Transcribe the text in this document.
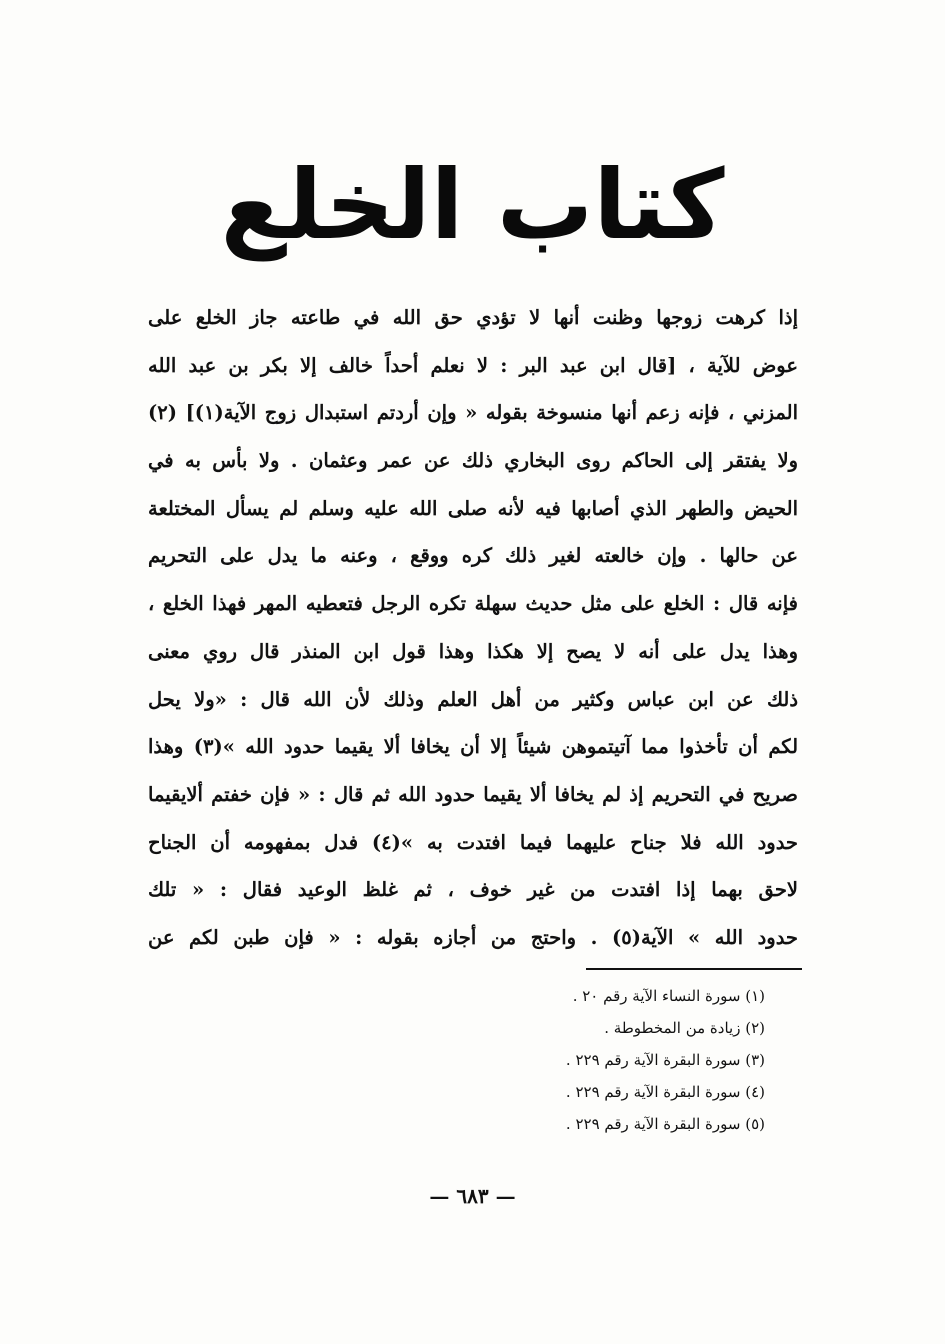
كتاب الخلع
إذا كرهت زوجها وظنت أنها لا تؤدي حق الله في طاعته جاز الخلع على
عوض للآية ، [قال ابن عبد البر : لا نعلم أحداً خالف إلا بكر بن عبد الله
المزني ، فإنه زعم أنها منسوخة بقوله « وإن أردتم استبدال زوج الآية(١)] (٢)
ولا يفتقر إلى الحاكم روى البخاري ذلك عن عمر وعثمان . ولا بأس به في
الحيض والطهر الذي أصابها فيه لأنه صلى الله عليه وسلم لم يسأل المختلعة
عن حالها . وإن خالعته لغير ذلك كره ووقع ، وعنه ما يدل على التحريم
فإنه قال : الخلع على مثل حديث سهلة تكره الرجل فتعطيه المهر فهذا الخلع ،
وهذا يدل على أنه لا يصح إلا هكذا وهذا قول ابن المنذر قال روي معنى
ذلك عن ابن عباس وكثير من أهل العلم وذلك لأن الله قال : «ولا يحل
لكم أن تأخذوا مما آتيتموهن شيئاً إلا أن يخافا ألا يقيما حدود الله »(٣) وهذا
صريح في التحريم إذ لم يخافا ألا يقيما حدود الله ثم قال : « فإن خفتم ألايقيما
حدود الله فلا جناح عليهما فيما افتدت به »(٤) فدل بمفهومه أن الجناح
لاحق بهما إذا افتدت من غير خوف ، ثم غلظ الوعيد فقال : « تلك
حدود الله » الآية(٥) . واحتج من أجازه بقوله : « فإن طبن لكم عن
(١) سورة النساء الآية رقم ٢٠ .
(٢) زيادة من المخطوطة .
(٣) سورة البقرة الآية رقم ٢٢٩ .
(٤) سورة البقرة الآية رقم ٢٢٩ .
(٥) سورة البقرة الآية رقم ٢٢٩ .
— ٦٨٣ —
